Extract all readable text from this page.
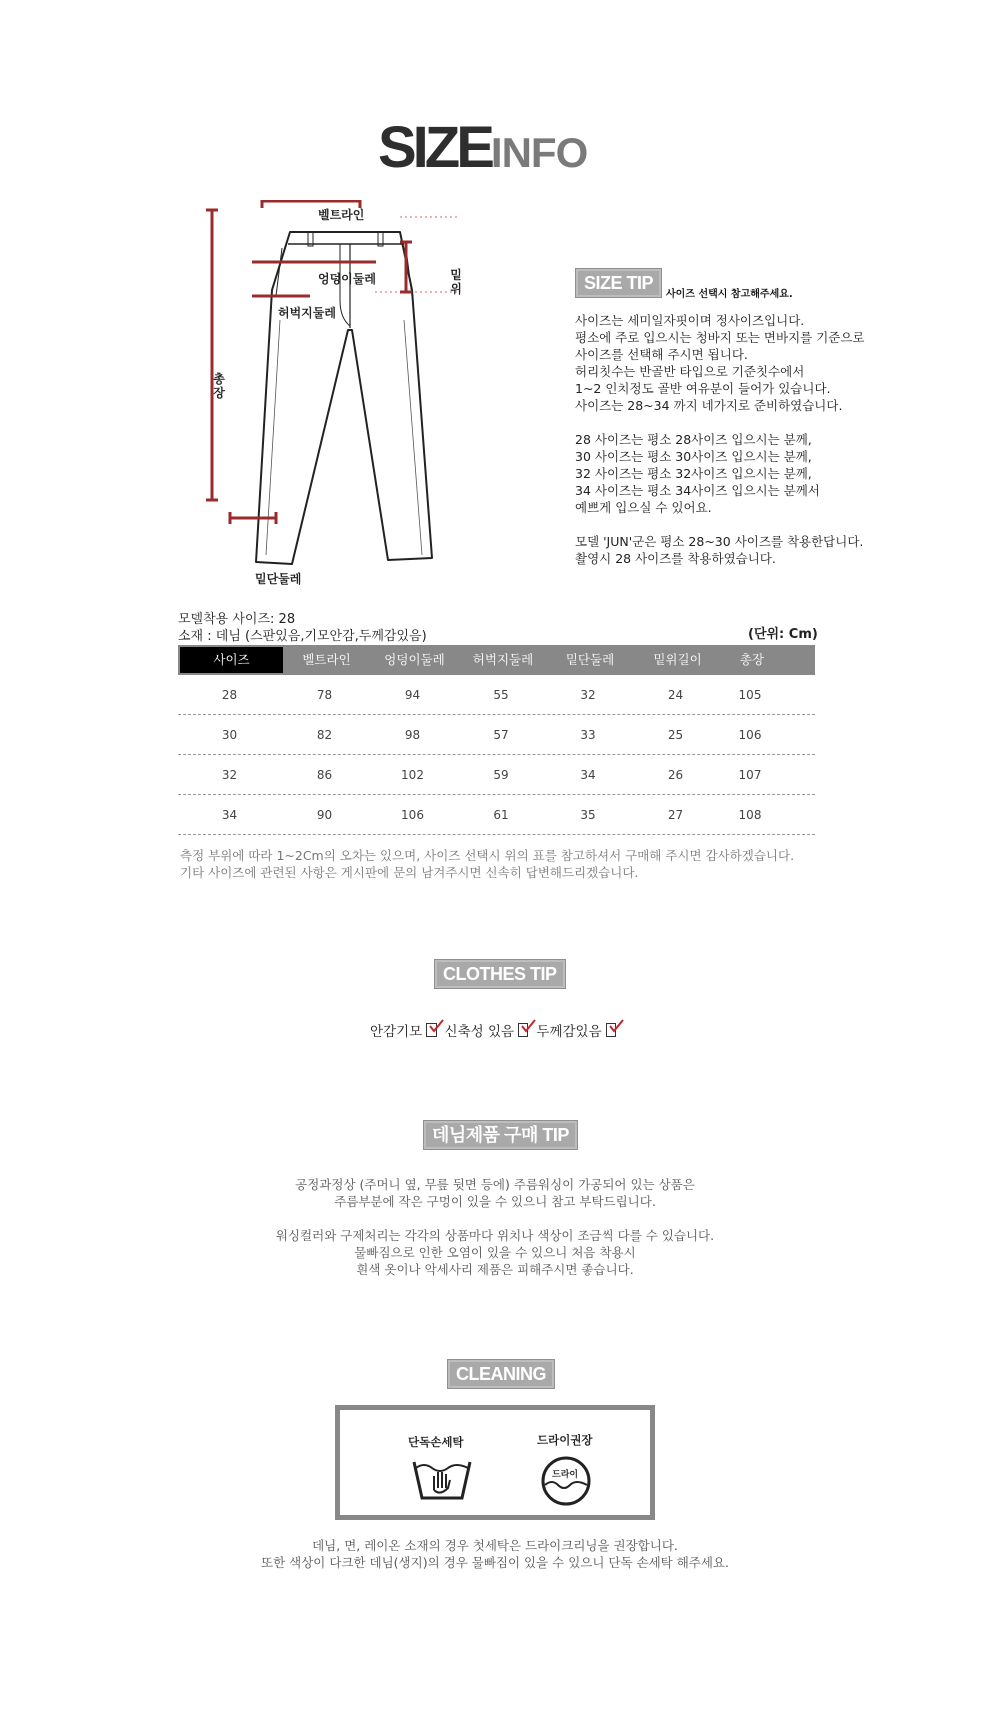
SIZEINFO
벨트라인
엉덩이둘레
허벅지둘레
밑단둘레
밑위
총장
SIZE TIP
사이즈 선택시 참고해주세요.

사이즈는 세미일자핏이며 정사이즈입니다.

평소에 주로 입으시는 청바지 또는 면바지를 기준으로

사이즈를 선택해 주시면 됩니다.

허리칫수는 반골반 타입으로 기준칫수에서

1~2 인치정도 골반 여유분이 들어가 있습니다.

사이즈는 28~34 까지 네가지로 준비하였습니다.

28 사이즈는 평소 28사이즈 입으시는 분께,

30 사이즈는 평소 30사이즈 입으시는 분께,

32 사이즈는 평소 32사이즈 입으시는 분께,

34 사이즈는 평소 34사이즈 입으시는 분께서

예쁘게 입으실 수 있어요.

모델 'JUN'군은 평소 28~30 사이즈를 착용한답니다.

촬영시 28 사이즈를 착용하였습니다.

모델착용 사이즈: 28
소재 : 데님 (스판있음,기모안감,두께감있음)	(단위: Cm)
사이즈	벨트라인	엉덩이둘레	허벅지둘레	밑단둘레	밑위길이	총장
28	78	94	55	32	24	105
30	82	98	57	33	25	106
32	86	102	59	34	26	107
34	90	106	61	35	27	108

측정 부위에 따라 1~2Cm의 오차는 있으며, 사이즈 선택시 위의 표를 참고하셔서 구매해 주시면 감사하겠습니다.

기타 사이즈에 관련된 사항은 게시판에 문의 남겨주시면 신속히 답변해드리겠습니다.

CLOTHES TIP
안감기모 신축성 있음 두께감있음
데님제품 구매 TIP

공정과정상 (주머니 옆, 무릎 뒷면 등에) 주름워싱이 가공되어 있는 상품은

주름부분에 작은 구멍이 있을 수 있으니 참고 부탁드립니다.

워싱컬러와 구제처리는 각각의 상품마다 위치나 색상이 조금씩 다를 수 있습니다.

물빠짐으로 인한 오염이 있을 수 있으니 처음 착용시

흰색 옷이나 악세사리 제품은 피해주시면 좋습니다.

CLEANING
단독손세탁	드라이권장
드라이

데님, 면, 레이온 소재의 경우 첫세탁은 드라이크리닝을 권장합니다.

또한 색상이 다크한 데님(생지)의 경우 물빠짐이 있을 수 있으니 단독 손세탁 해주세요.
